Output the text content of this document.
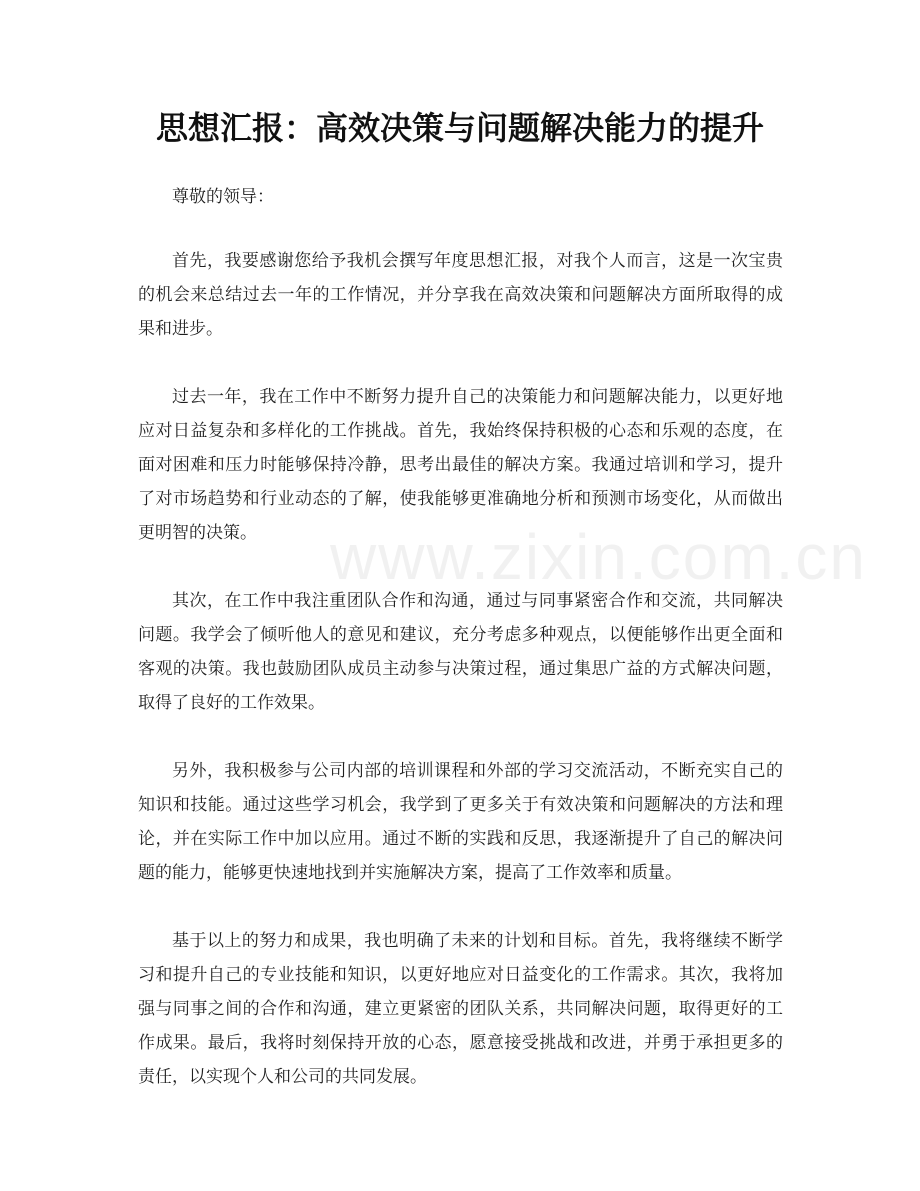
www.zixin.com.cn
思想汇报：高效决策与问题解决能力的提升

尊敬的领导：

首先，我要感谢您给予我机会撰写年度思想汇报，对我个人而言，这是一次宝贵的机会来总结过去一年的工作情况，并分享我在高效决策和问题解决方面所取得的成果和进步。

过去一年，我在工作中不断努力提升自己的决策能力和问题解决能力，以更好地应对日益复杂和多样化的工作挑战。首先，我始终保持积极的心态和乐观的态度，在面对困难和压力时能够保持冷静，思考出最佳的解决方案。我通过培训和学习，提升了对市场趋势和行业动态的了解，使我能够更准确地分析和预测市场变化，从而做出更明智的决策。

其次，在工作中我注重团队合作和沟通，通过与同事紧密合作和交流，共同解决问题。我学会了倾听他人的意见和建议，充分考虑多种观点，以便能够作出更全面和客观的决策。我也鼓励团队成员主动参与决策过程，通过集思广益的方式解决问题，取得了良好的工作效果。

另外，我积极参与公司内部的培训课程和外部的学习交流活动，不断充实自己的知识和技能。通过这些学习机会，我学到了更多关于有效决策和问题解决的方法和理论，并在实际工作中加以应用。通过不断的实践和反思，我逐渐提升了自己的解决问题的能力，能够更快速地找到并实施解决方案，提高了工作效率和质量。

基于以上的努力和成果，我也明确了未来的计划和目标。首先，我将继续不断学习和提升自己的专业技能和知识，以更好地应对日益变化的工作需求。其次，我将加强与同事之间的合作和沟通，建立更紧密的团队关系，共同解决问题，取得更好的工作成果。最后，我将时刻保持开放的心态，愿意接受挑战和改进，并勇于承担更多的责任，以实现个人和公司的共同发展。
